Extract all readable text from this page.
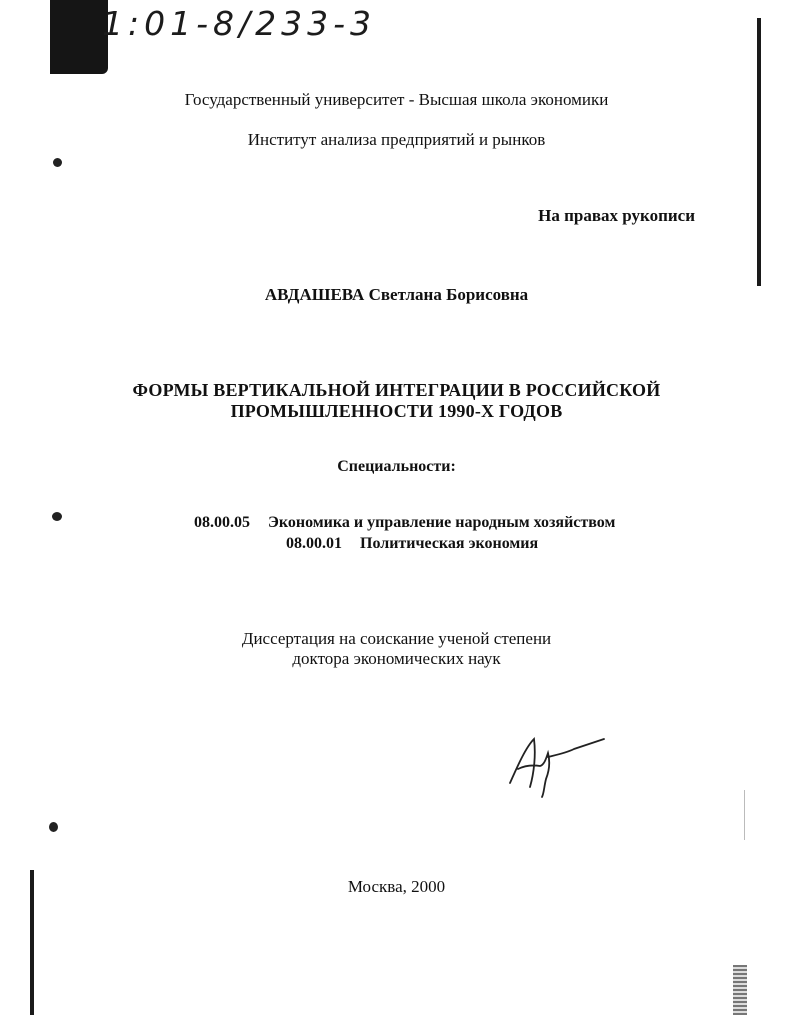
1:01-8/233-3
Государственный университет - Высшая школа экономики
Институт анализа предприятий и рынков
На правах рукописи
АВДАШЕВА Светлана Борисовна
ФОРМЫ ВЕРТИКАЛЬНОЙ ИНТЕГРАЦИИ В РОССИЙСКОЙ
ПРОМЫШЛЕННОСТИ 1990-Х ГОДОВ
Специальности:
08.00.05 Экономика и управление народным хозяйством
08.00.01 Политическая экономия
Диссертация на соискание ученой степени
доктора экономических наук
Москва, 2000
